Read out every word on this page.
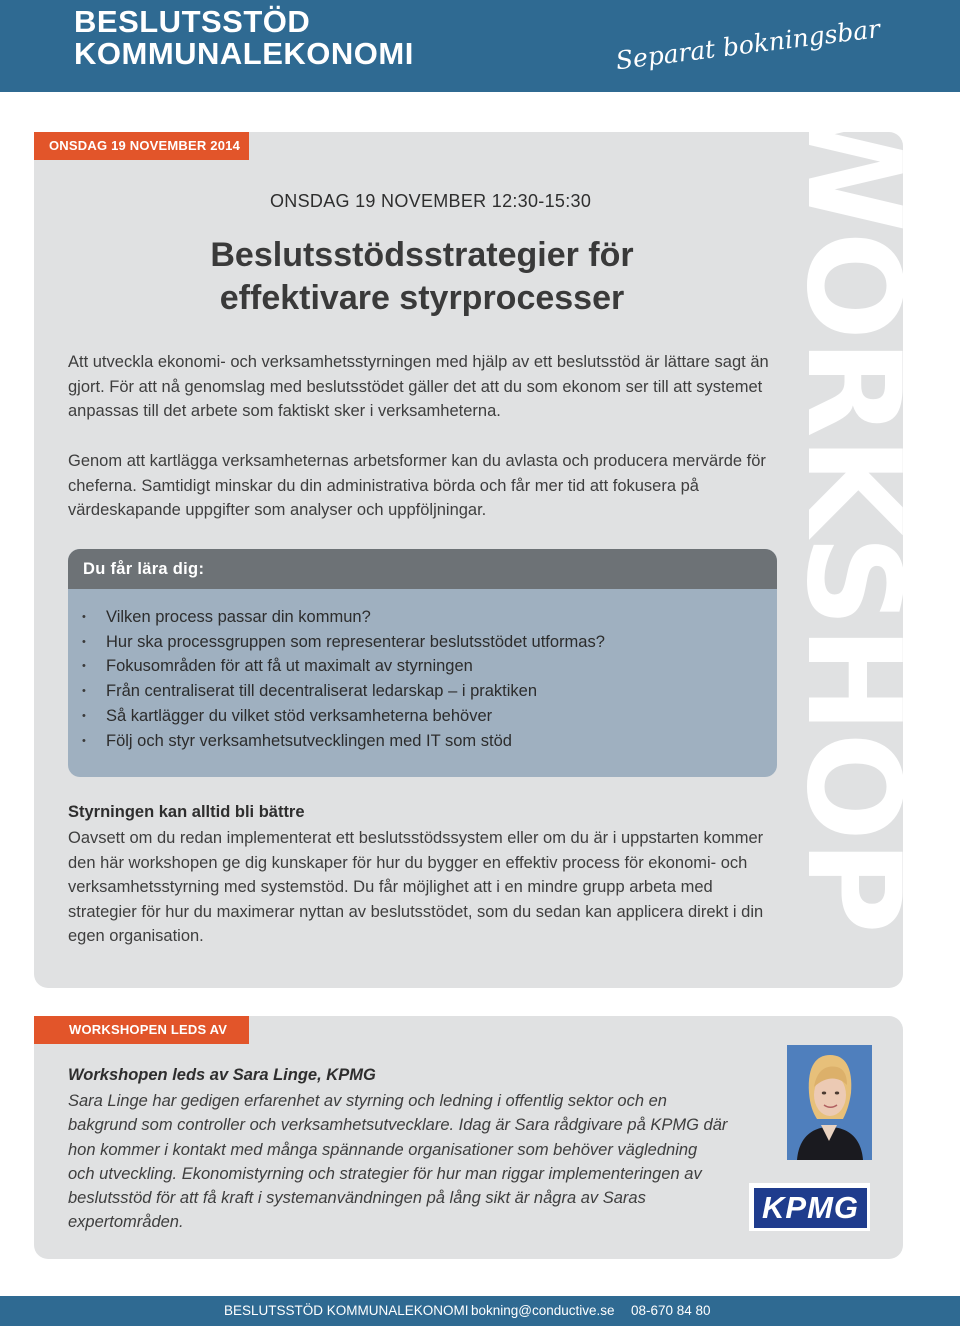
BESLUTSSTÖD
KOMMUNALEKONOMI	Separat bokningsbar
ONSDAG 19 NOVEMBER 2014	WORKSHOP
ONSDAG 19 NOVEMBER 12:30-15:30
Beslutsstödsstrategier för
effektivare styrprocesser

Att utveckla ekonomi- och verksamhetsstyrningen med hjälp av ett beslutsstöd är lättare sagt än gjort. För att nå genomslag med beslutsstödet gäller det att du som ekonom ser till att systemet anpassas till det arbete som faktiskt sker i verksamheterna.

Genom att kartlägga verksamheternas arbetsformer kan du avlasta och producera mervärde för cheferna. Samtidigt minskar du din administrativa börda och får mer tid att fokusera på värdeskapande uppgifter som analyser och uppföljningar.

Du får lära dig:
• Vilken process passar din kommun?
• Hur ska processgruppen som representerar beslutsstödet utformas?
• Fokusområden för att få ut maximalt av styrningen
• Från centraliserat till decentraliserat ledarskap – i praktiken
• Så kartlägger du vilket stöd verksamheterna behöver
• Följ och styr verksamhetsutvecklingen med IT som stöd
Styrningen kan alltid bli bättre

Oavsett om du redan implementerat ett beslutsstödssystem eller om du är i uppstarten kommer den här workshopen ge dig kunskaper för hur du bygger en effektiv process för ekonomi- och verksamhetsstyrning med systemstöd. Du får möjlighet att i en mindre grupp arbeta med strategier för hur du maximerar nyttan av beslutsstödet, som du sedan kan applicera direkt i din egen organisation.

WORKSHOPEN LEDS AV
Workshopen leds av Sara Linge, KPMG

Sara Linge har gedigen erfarenhet av styrning och ledning i offentlig sektor och en bakgrund som controller och verksamhetsutvecklare. Idag är Sara rådgivare på KPMG där hon kommer i kontakt med många spännande organisationer som behöver vägledning och utveckling. Ekonomistyrning och strategier för hur man riggar implementeringen av beslutsstöd för att få kraft i systemanvändningen på lång sikt är några av Saras expertområden.	KPMG
BESLUTSSTÖD KOMMUNALEKONOMI bokning@conductive.se 08-670 84 80
